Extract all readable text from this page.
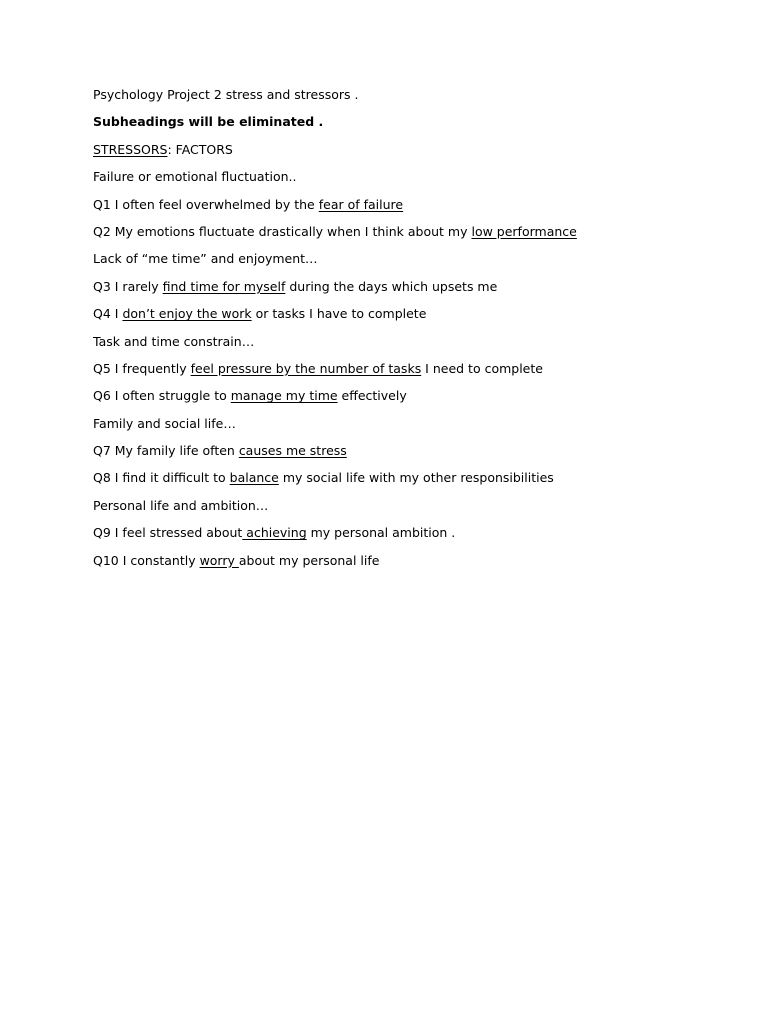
Psychology Project 2 stress and stressors .
Subheadings will be eliminated .
STRESSORS: FACTORS
Failure or emotional fluctuation..
Q1 I often feel overwhelmed by the fear of failure
Q2 My emotions fluctuate drastically when I think about my low performance
Lack of “me time” and enjoyment…
Q3 I rarely find time for myself during the days which upsets me
Q4 I don’t enjoy the work or tasks I have to complete
Task and time constrain…
Q5 I frequently feel pressure by the number of tasks I need to complete
Q6 I often struggle to manage my time effectively
Family and social life…
Q7 My family life often causes me stress
Q8 I find it difficult to balance my social life with my other responsibilities
Personal life and ambition…
Q9 I feel stressed about achieving my personal ambition .
Q10 I constantly worry about my personal life
